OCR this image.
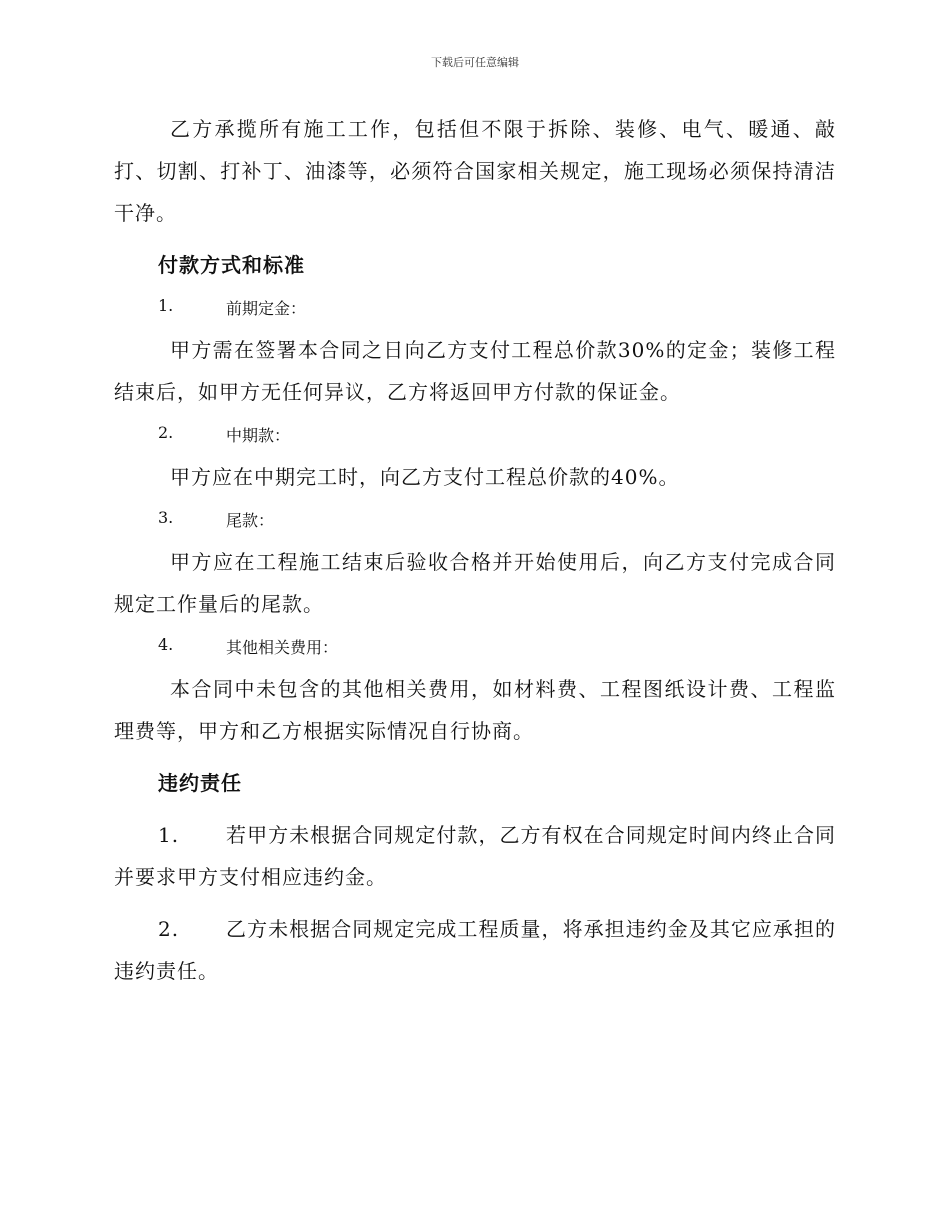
下载后可任意编辑

乙方承揽所有施工工作，包括但不限于拆除、装修、电气、暖通、敲打、切割、打补丁、油漆等，必须符合国家相关规定，施工现场必须保持清洁干净。

付款方式和标准

1.	前期定金：

甲方需在签署本合同之日向乙方支付工程总价款30%的定金；装修工程结束后，如甲方无任何异议，乙方将返回甲方付款的保证金。

2.	中期款：

甲方应在中期完工时，向乙方支付工程总价款的40%。

3.	尾款：

甲方应在工程施工结束后验收合格并开始使用后，向乙方支付完成合同规定工作量后的尾款。

4.	其他相关费用：

本合同中未包含的其他相关费用，如材料费、工程图纸设计费、工程监理费等，甲方和乙方根据实际情况自行协商。

违约责任

1. 若甲方未根据合同规定付款，乙方有权在合同规定时间内终止合同并要求甲方支付相应违约金。

2. 乙方未根据合同规定完成工程质量，将承担违约金及其它应承担的违约责任。
